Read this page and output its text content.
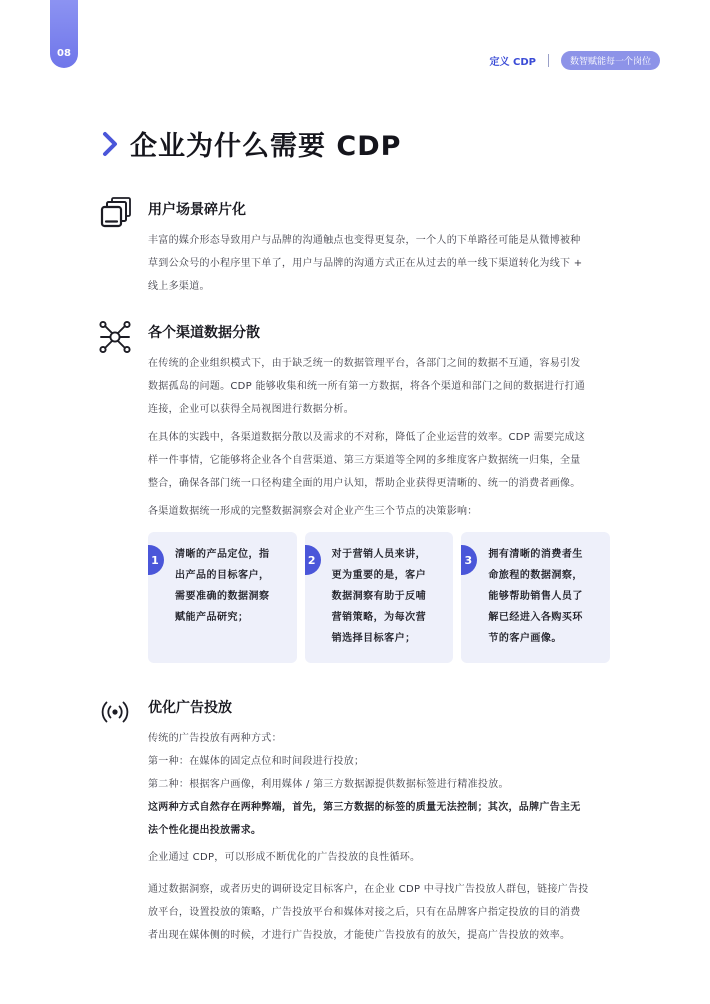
08
定义 CDP	数智赋能每一个岗位
企业为什么需要 CDP
用户场景碎片化
丰富的媒介形态导致用户与品牌的沟通触点也变得更复杂，一个人的下单路径可能是从微博被种
草到公众号的小程序里下单了，用户与品牌的沟通方式正在从过去的单一线下渠道转化为线下 +
线上多渠道。
各个渠道数据分散
在传统的企业组织模式下，由于缺乏统一的数据管理平台，各部门之间的数据不互通，容易引发
数据孤岛的问题。CDP 能够收集和统一所有第一方数据，将各个渠道和部门之间的数据进行打通
连接，企业可以获得全局视图进行数据分析。
在具体的实践中，各渠道数据分散以及需求的不对称，降低了企业运营的效率。CDP 需要完成这
样一件事情，它能够将企业各个自营渠道、第三方渠道等全网的多维度客户数据统一归集，全量
整合，确保各部门统一口径构建全面的用户认知，帮助企业获得更清晰的、统一的消费者画像。
各渠道数据统一形成的完整数据洞察会对企业产生三个节点的决策影响：
1	清晰的产品定位，指
出产品的目标客户，
需要准确的数据洞察
赋能产品研究；
2	对于营销人员来讲，
更为重要的是，客户
数据洞察有助于反哺
营销策略，为每次营
销选择目标客户；
3	拥有清晰的消费者生
命旅程的数据洞察，
能够帮助销售人员了
解已经进入各购买环
节的客户画像。
优化广告投放
传统的广告投放有两种方式：
第一种：在媒体的固定点位和时间段进行投放；
第二种：根据客户画像，利用媒体 / 第三方数据源提供数据标签进行精准投放。
这两种方式自然存在两种弊端，首先，第三方数据的标签的质量无法控制；其次，品牌广告主无
法个性化提出投放需求。
企业通过 CDP，可以形成不断优化的广告投放的良性循环。
通过数据洞察，或者历史的调研设定目标客户，在企业 CDP 中寻找广告投放人群包，链接广告投
放平台，设置投放的策略，广告投放平台和媒体对接之后，只有在品牌客户指定投放的目的消费
者出现在媒体侧的时候，才进行广告投放，才能使广告投放有的放矢，提高广告投放的效率。
